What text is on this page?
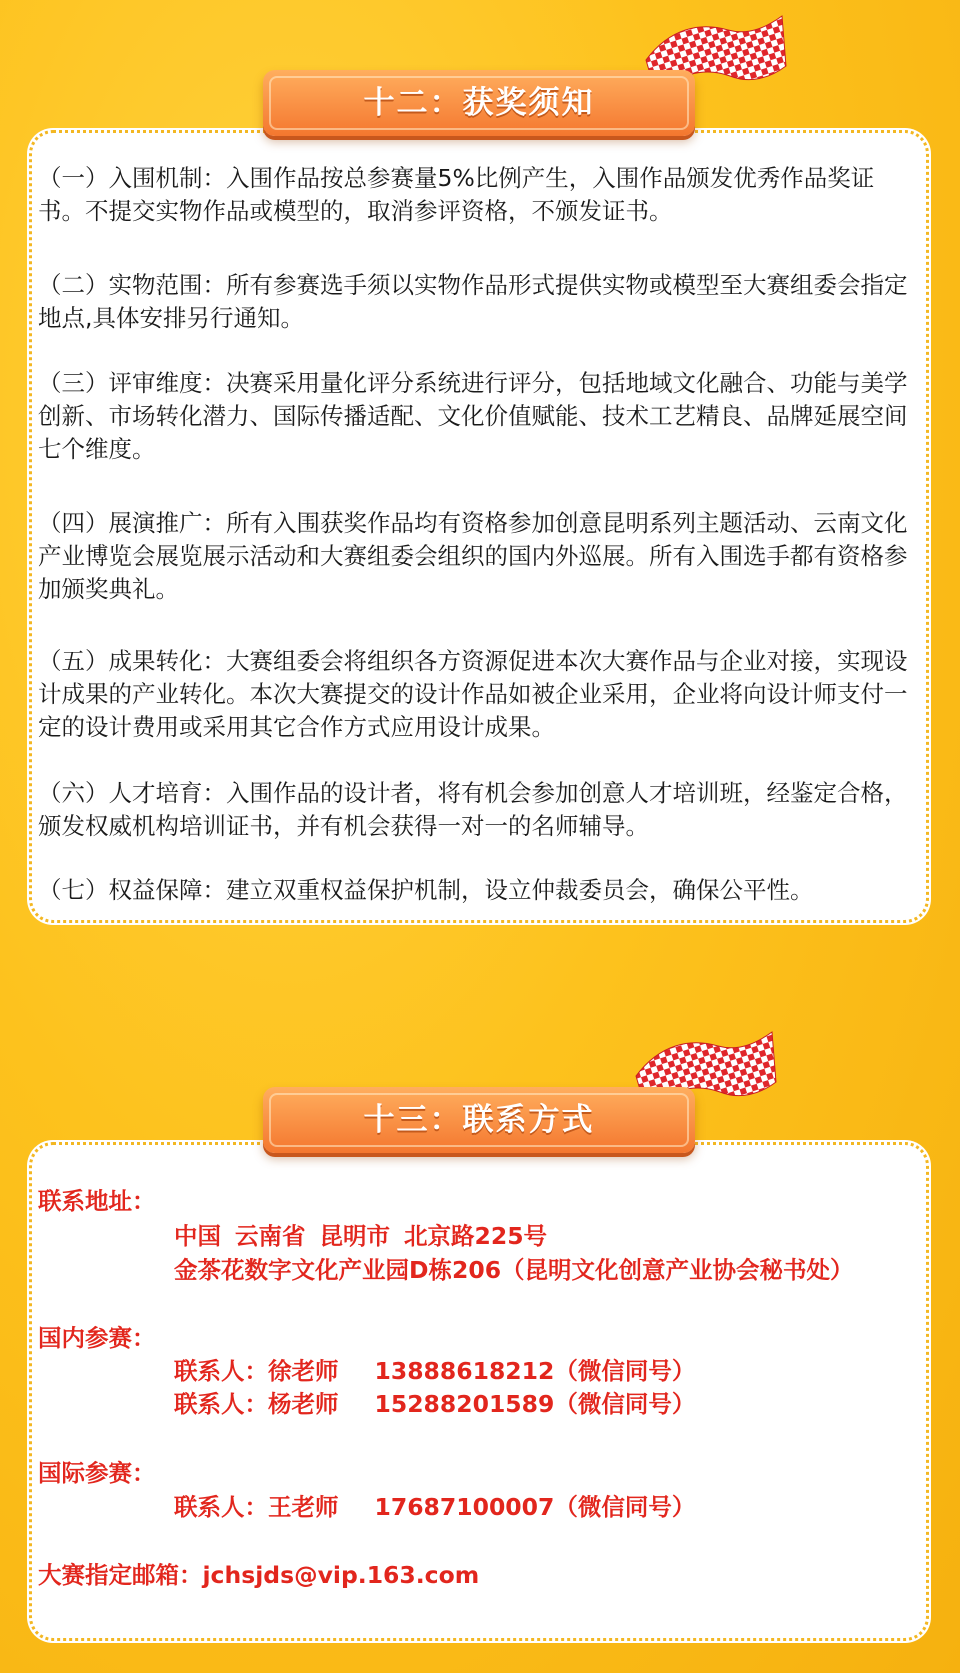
十二：获奖须知

（一）入围机制：入围作品按总参赛量5%比例产生，入围作品颁发优秀作品奖证书。不提交实物作品或模型的，取消参评资格，不颁发证书。

（二）实物范围：所有参赛选手须以实物作品形式提供实物或模型至大赛组委会指定地点,具体安排另行通知。

（三）评审维度：决赛采用量化评分系统进行评分，包括地域文化融合、功能与美学创新、市场转化潜力、国际传播适配、文化价值赋能、技术工艺精良、品牌延展空间七个维度。

（四）展演推广：所有入围获奖作品均有资格参加创意昆明系列主题活动、云南文化产业博览会展览展示活动和大赛组委会组织的国内外巡展。所有入围选手都有资格参加颁奖典礼。

（五）成果转化：大赛组委会将组织各方资源促进本次大赛作品与企业对接，实现设计成果的产业转化。本次大赛提交的设计作品如被企业采用，企业将向设计师支付一定的设计费用或采用其它合作方式应用设计成果。

（六）人才培育：入围作品的设计者，将有机会参加创意人才培训班，经鉴定合格，颁发权威机构培训证书，并有机会获得一对一的名师辅导。

（七）权益保障：建立双重权益保护机制，设立仲裁委员会，确保公平性。

十三：联系方式
联系地址：
中国 云南省 昆明市 北京路225号
金茶花数字文化产业园D栋206（昆明文化创意产业协会秘书处）
国内参赛：
联系人：徐老师 13888618212（微信同号）
联系人：杨老师 15288201589（微信同号）
国际参赛：
联系人：王老师 17687100007（微信同号）
大赛指定邮箱：jchsjds@vip.163.com
